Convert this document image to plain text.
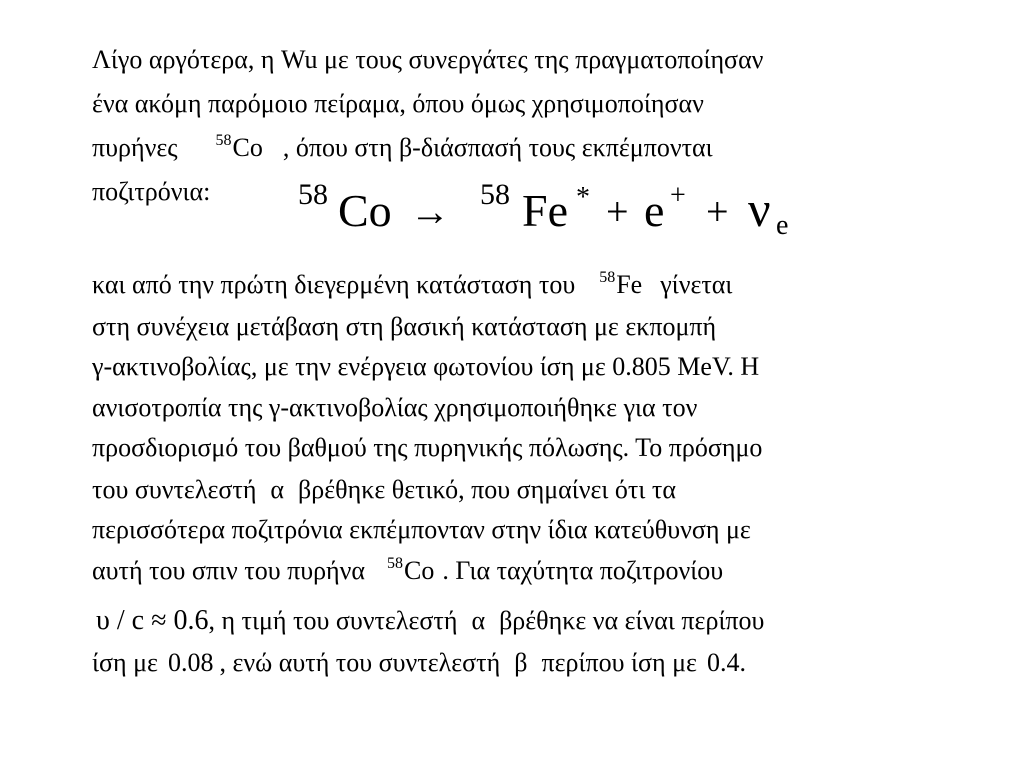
Λίγο αργότερα, η Wu με τους συνεργάτες της πραγματοποίησαν
ένα ακόμη παρόμοιο πείραμα, όπου όμως χρησιμοποίησαν
πυρήνες $^{58}$Co , όπου στη β-διάσπασή τους εκπέμπονται
ποζιτρόνια:	58 Co → 58 Fe * + e + + ν e
και από την πρώτη διεγερμένη κατάσταση του $^{58}$Fe γίνεται
στη συνέχεια μετάβαση στη βασική κατάσταση με εκπομπή
γ-ακτινοβολίας, με την ενέργεια φωτονίου ίση με 0.805 MeV. Η
ανισοτροπία της γ-ακτινοβολίας χρησιμοποιήθηκε για τον
προσδιορισμό του βαθμού της πυρηνικής πόλωσης. Το πρόσημο
του συντελεστή α βρέθηκε θετικό, που σημαίνει ότι τα
περισσότερα ποζιτρόνια εκπέμπονταν στην ίδια κατεύθυνση με
αυτή του σπιν του πυρήνα $^{58}$Co . Για ταχύτητα ποζιτρονίου
υ / c ≈ 0.6, η τιμή του συντελεστή α βρέθηκε να είναι περίπου
ίση με 0.08 , ενώ αυτή του συντελεστή β περίπου ίση με 0.4.
